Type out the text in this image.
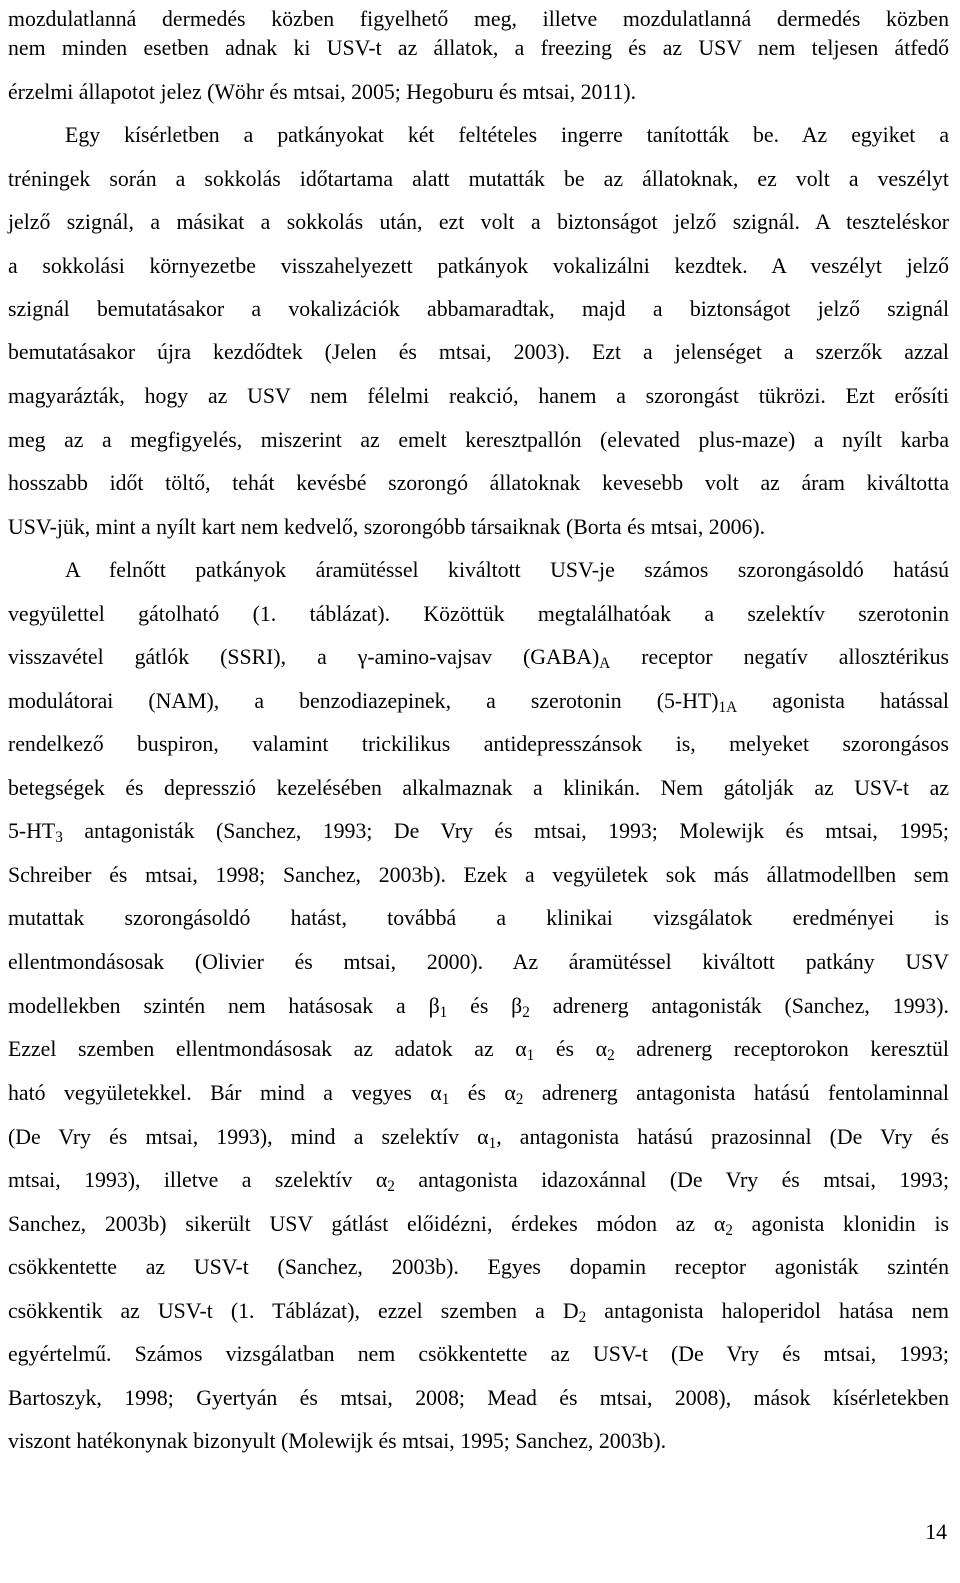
mozdulatlanná dermedés közben figyelhető meg, illetve mozdulatlanná dermedés közben
nem minden esetben adnak ki USV-t az állatok, a freezing és az USV nem teljesen átfedő
érzelmi állapotot jelez (Wöhr és mtsai, 2005; Hegoburu és mtsai, 2011).
Egy kísérletben a patkányokat két feltételes ingerre tanították be. Az egyiket a
tréningek során a sokkolás időtartama alatt mutatták be az állatoknak, ez volt a veszélyt
jelző szignál, a másikat a sokkolás után, ezt volt a biztonságot jelző szignál. A teszteléskor
a sokkolási környezetbe visszahelyezett patkányok vokalizálni kezdtek. A veszélyt jelző
szignál bemutatásakor a vokalizációk abbamaradtak, majd a biztonságot jelző szignál
bemutatásakor újra kezdődtek (Jelen és mtsai, 2003). Ezt a jelenséget a szerzők azzal
magyarázták, hogy az USV nem félelmi reakció, hanem a szorongást tükrözi. Ezt erősíti
meg az a megfigyelés, miszerint az emelt keresztpallón (elevated plus-maze) a nyílt karba
hosszabb időt töltő, tehát kevésbé szorongó állatoknak kevesebb volt az áram kiváltotta
USV-jük, mint a nyílt kart nem kedvelő, szorongóbb társaiknak (Borta és mtsai, 2006).
A felnőtt patkányok áramütéssel kiváltott USV-je számos szorongásoldó hatású
vegyülettel gátolható (1. táblázat). Közöttük megtalálhatóak a szelektív szerotonin
visszavétel gátlók (SSRI), a γ-amino-vajsav $(GABA)_A$ receptor negatív allosztérikus
modulátorai (NAM), a benzodiazepinek, a szerotonin $(5-HT)_{1A}$ agonista hatással
rendelkező buspiron, valamint trickilikus antidepresszánsok is, melyeket szorongásos
betegségek és depresszió kezelésében alkalmaznak a klinikán. Nem gátolják az USV-t az
$5-HT_3$ antagonisták (Sanchez, 1993; De Vry és mtsai, 1993; Molewijk és mtsai, 1995;
Schreiber és mtsai, 1998; Sanchez, 2003b). Ezek a vegyületek sok más állatmodellben sem
mutattak szorongásoldó hatást, továbbá a klinikai vizsgálatok eredményei is
ellentmondásosak (Olivier és mtsai, 2000). Az áramütéssel kiváltott patkány USV
modellekben szintén nem hatásosak a $\beta_1$ és $\beta_2$ adrenerg antagonisták (Sanchez, 1993).
Ezzel szemben ellentmondásosak az adatok az $\alpha_1$ és $\alpha_2$ adrenerg receptorokon keresztül
ható vegyületekkel. Bár mind a vegyes $\alpha_1$ és $\alpha_2$ adrenerg antagonista hatású fentolaminnal
(De Vry és mtsai, 1993), mind a szelektív $\alpha_1$, antagonista hatású prazosinnal (De Vry és
mtsai, 1993), illetve a szelektív $\alpha_2$ antagonista idazoxánnal (De Vry és mtsai, 1993;
Sanchez, 2003b) sikerült USV gátlást előidézni, érdekes módon az $\alpha_2$ agonista klonidin is
csökkentette az USV-t (Sanchez, 2003b). Egyes dopamin receptor agonisták szintén
csökkentik az USV-t (1. Táblázat), ezzel szemben a $D_2$ antagonista haloperidol hatása nem
egyértelmű. Számos vizsgálatban nem csökkentette az USV-t (De Vry és mtsai, 1993;
Bartoszyk, 1998; Gyertyán és mtsai, 2008; Mead és mtsai, 2008), mások kísérletekben
viszont hatékonynak bizonyult (Molewijk és mtsai, 1995; Sanchez, 2003b).
14
